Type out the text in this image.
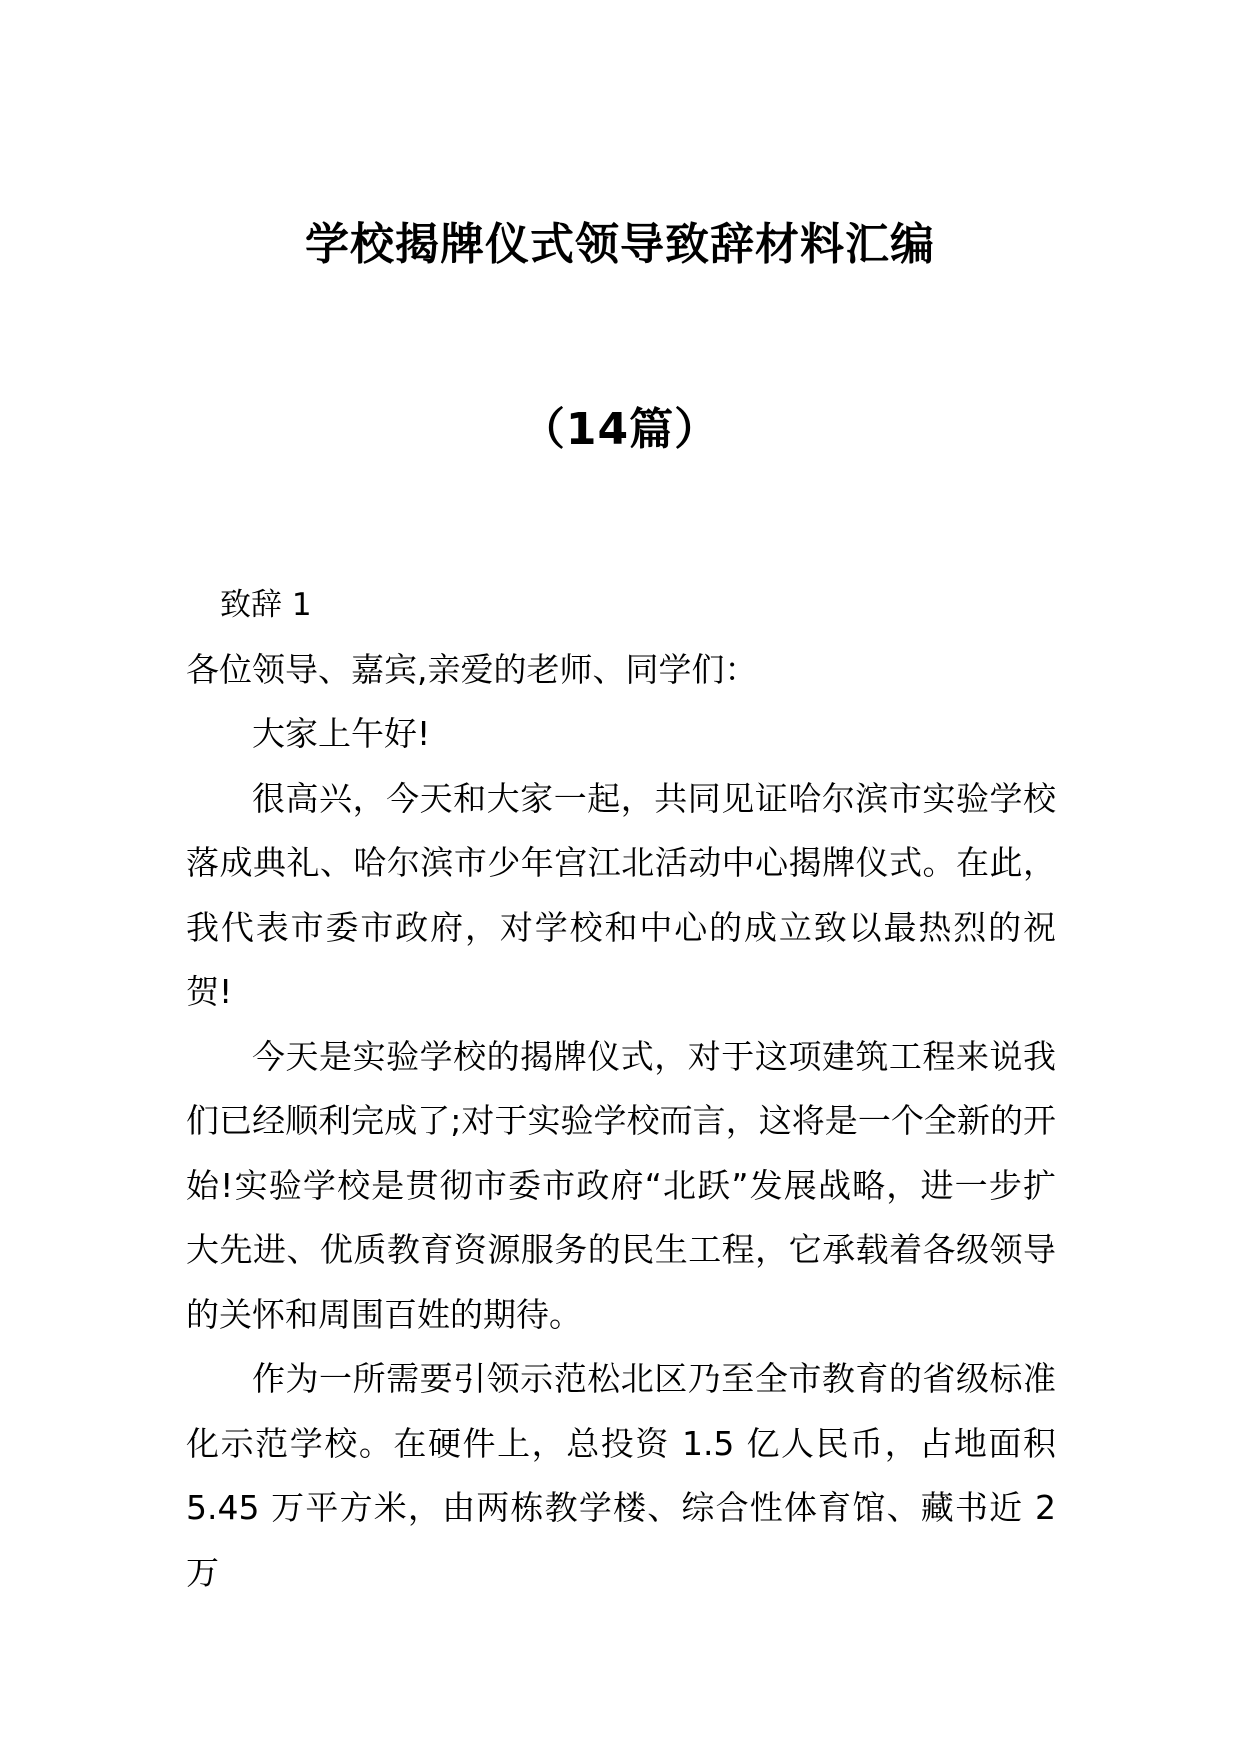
学校揭牌仪式领导致辞材料汇编
（14篇）

致辞 1

各位领导、嘉宾,亲爱的老师、同学们：

大家上午好!

很高兴，今天和大家一起，共同见证哈尔滨市实验学校落成典礼、哈尔滨市少年宫江北活动中心揭牌仪式。在此，我代表市委市政府，对学校和中心的成立致以最热烈的祝贺!

今天是实验学校的揭牌仪式，对于这项建筑工程来说我们已经顺利完成了;对于实验学校而言，这将是一个全新的开始!实验学校是贯彻市委市政府“北跃”发展战略，进一步扩大先进、优质教育资源服务的民生工程，它承载着各级领导的关怀和周围百姓的期待。

作为一所需要引领示范松北区乃至全市教育的省级标准化示范学校。在硬件上，总投资 1.5 亿人民币，占地面积 5.45 万平方米，由两栋教学楼、综合性体育馆、藏书近 2 万
